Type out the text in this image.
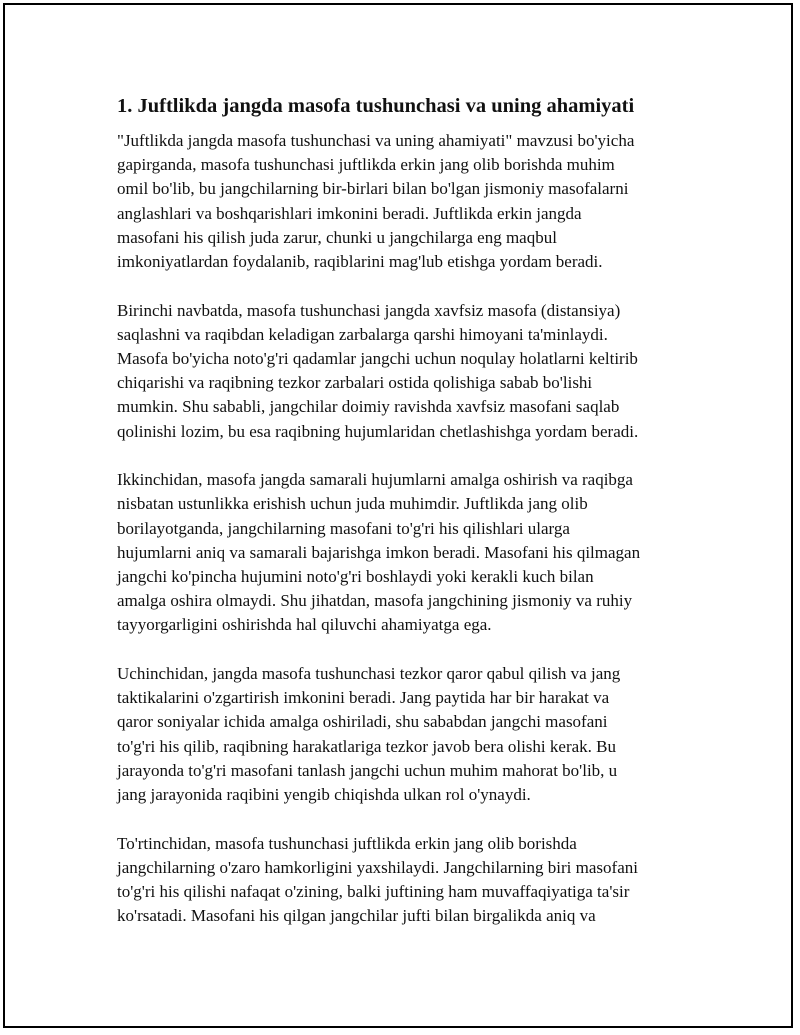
1. Juftlikda jangda masofa tushunchasi va uning ahamiyati

"Juftlikda jangda masofa tushunchasi va uning ahamiyati" mavzusi bo'yicha
gapirganda, masofa tushunchasi juftlikda erkin jang olib borishda muhim
omil bo'lib, bu jangchilarning bir-birlari bilan bo'lgan jismoniy masofalarni
anglashlari va boshqarishlari imkonini beradi. Juftlikda erkin jangda
masofani his qilish juda zarur, chunki u jangchilarga eng maqbul
imkoniyatlardan foydalanib, raqiblarini mag'lub etishga yordam beradi.

Birinchi navbatda, masofa tushunchasi jangda xavfsiz masofa (distansiya)
saqlashni va raqibdan keladigan zarbalarga qarshi himoyani ta'minlaydi.
Masofa bo'yicha noto'g'ri qadamlar jangchi uchun noqulay holatlarni keltirib
chiqarishi va raqibning tezkor zarbalari ostida qolishiga sabab bo'lishi
mumkin. Shu sababli, jangchilar doimiy ravishda xavfsiz masofani saqlab
qolinishi lozim, bu esa raqibning hujumlaridan chetlashishga yordam beradi.

Ikkinchidan, masofa jangda samarali hujumlarni amalga oshirish va raqibga
nisbatan ustunlikka erishish uchun juda muhimdir. Juftlikda jang olib
borilayotganda, jangchilarning masofani to'g'ri his qilishlari ularga
hujumlarni aniq va samarali bajarishga imkon beradi. Masofani his qilmagan
jangchi ko'pincha hujumini noto'g'ri boshlaydi yoki kerakli kuch bilan
amalga oshira olmaydi. Shu jihatdan, masofa jangchining jismoniy va ruhiy
tayyorgarligini oshirishda hal qiluvchi ahamiyatga ega.

Uchinchidan, jangda masofa tushunchasi tezkor qaror qabul qilish va jang
taktikalarini o'zgartirish imkonini beradi. Jang paytida har bir harakat va
qaror soniyalar ichida amalga oshiriladi, shu sababdan jangchi masofani
to'g'ri his qilib, raqibning harakatlariga tezkor javob bera olishi kerak. Bu
jarayonda to'g'ri masofani tanlash jangchi uchun muhim mahorat bo'lib, u
jang jarayonida raqibini yengib chiqishda ulkan rol o'ynaydi.

To'rtinchidan, masofa tushunchasi juftlikda erkin jang olib borishda
jangchilarning o'zaro hamkorligini yaxshilaydi. Jangchilarning biri masofani
to'g'ri his qilishi nafaqat o'zining, balki juftining ham muvaffaqiyatiga ta'sir
ko'rsatadi. Masofani his qilgan jangchilar jufti bilan birgalikda aniq va
